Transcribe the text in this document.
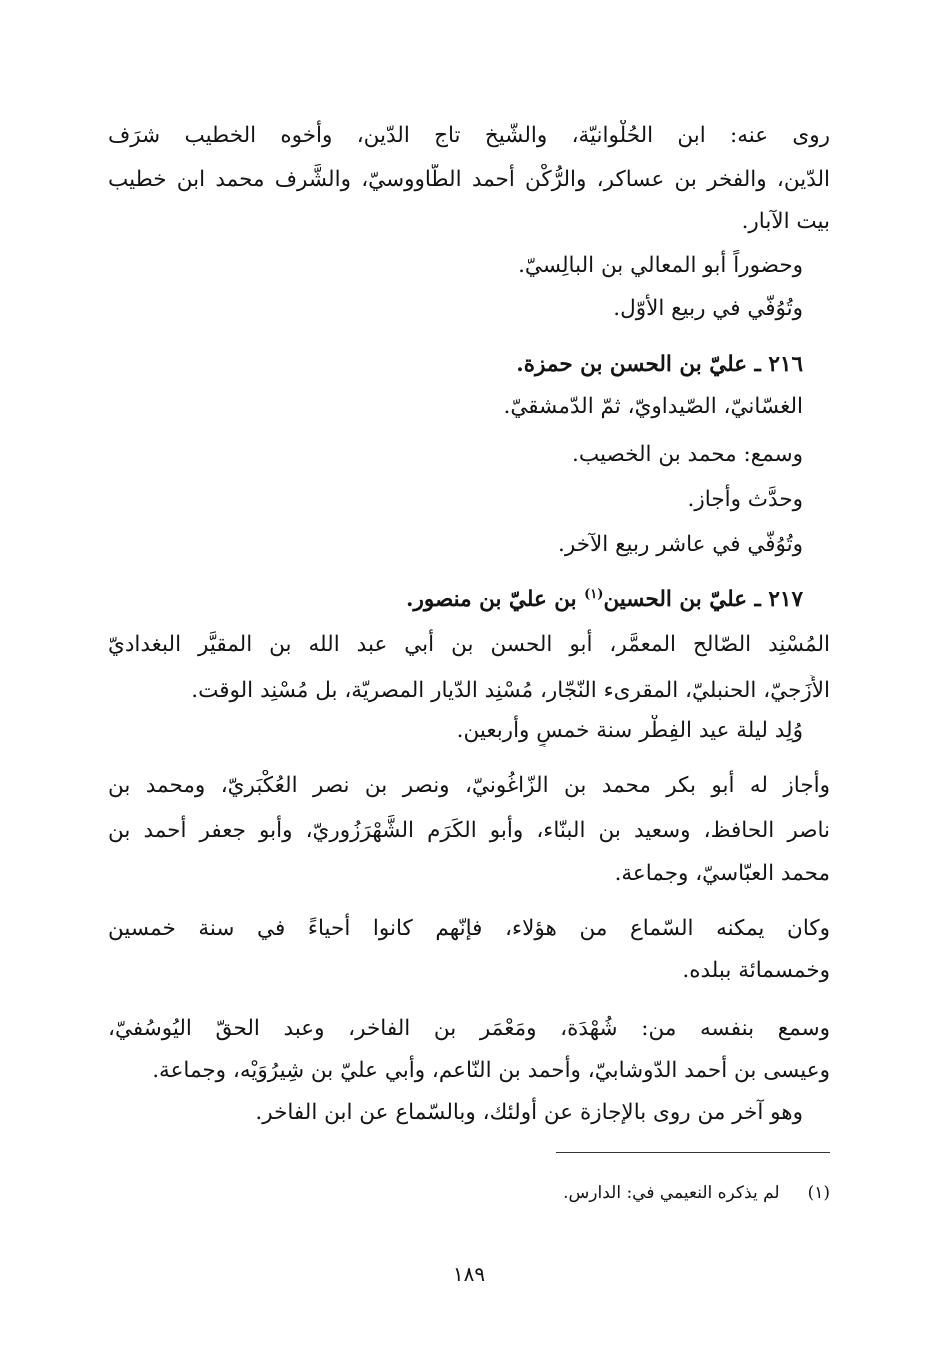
روى عنه: ابن الحُلْوانيّة، والشّيخ تاج الدّين، وأخوه الخطيب شرَف
الدّين، والفخر بن عساكر، والرُّكْن أحمد الطّاووسيّ، والشَّرف محمد ابن خطيب
بيت الآبار.
وحضوراً أبو المعالي بن البالِسيّ.
وتُوُفّي في ربيع الأوّل.
٢١٦ ـ عليّ بن الحسن بن حمزة.
الغسّانيّ، الصّيداويّ، ثمّ الدّمشقيّ.
وسمع: محمد بن الخصيب.
وحدَّث وأجاز.
وتُوُفّي في عاشر ربيع الآخر.
٢١٧ ـ عليّ بن الحسين$^{(١)}$ بن عليّ بن منصور.
المُسْنِد الصّالح المعمَّر، أبو الحسن بن أبي عبد الله بن المقيَّر البغداديّ
الأَزَجيّ، الحنبليّ، المقرىء النّجّار، مُسْنِد الدّيار المصريّة، بل مُسْنِد الوقت.
وُلِد ليلة عيد الفِطْر سنة خمسٍ وأربعين.
وأجاز له أبو بكر محمد بن الزّاغُونيّ، ونصر بن نصر العُكْبَريّ، ومحمد بن
ناصر الحافظ، وسعيد بن البنّاء، وأبو الكَرَم الشَّهْرَزُوريّ، وأبو جعفر أحمد بن
محمد العبّاسيّ، وجماعة.
وكان يمكنه السّماع من هؤلاء، فإنّهم كانوا أحياءً في سنة خمسين
وخمسمائة ببلده.
وسمع بنفسه من: شُهْدَة، ومَعْمَر بن الفاخر، وعبد الحقّ اليُوسُفيّ،
وعيسى بن أحمد الدّوشابيّ، وأحمد بن النّاعم، وأبي عليّ بن شِيرُوَيْه، وجماعة.
وهو آخر من روى بالإجازة عن أولئك، وبالسّماع عن ابن الفاخر.
(١)لم يذكره النعيمي في: الدارس.
١٨٩
